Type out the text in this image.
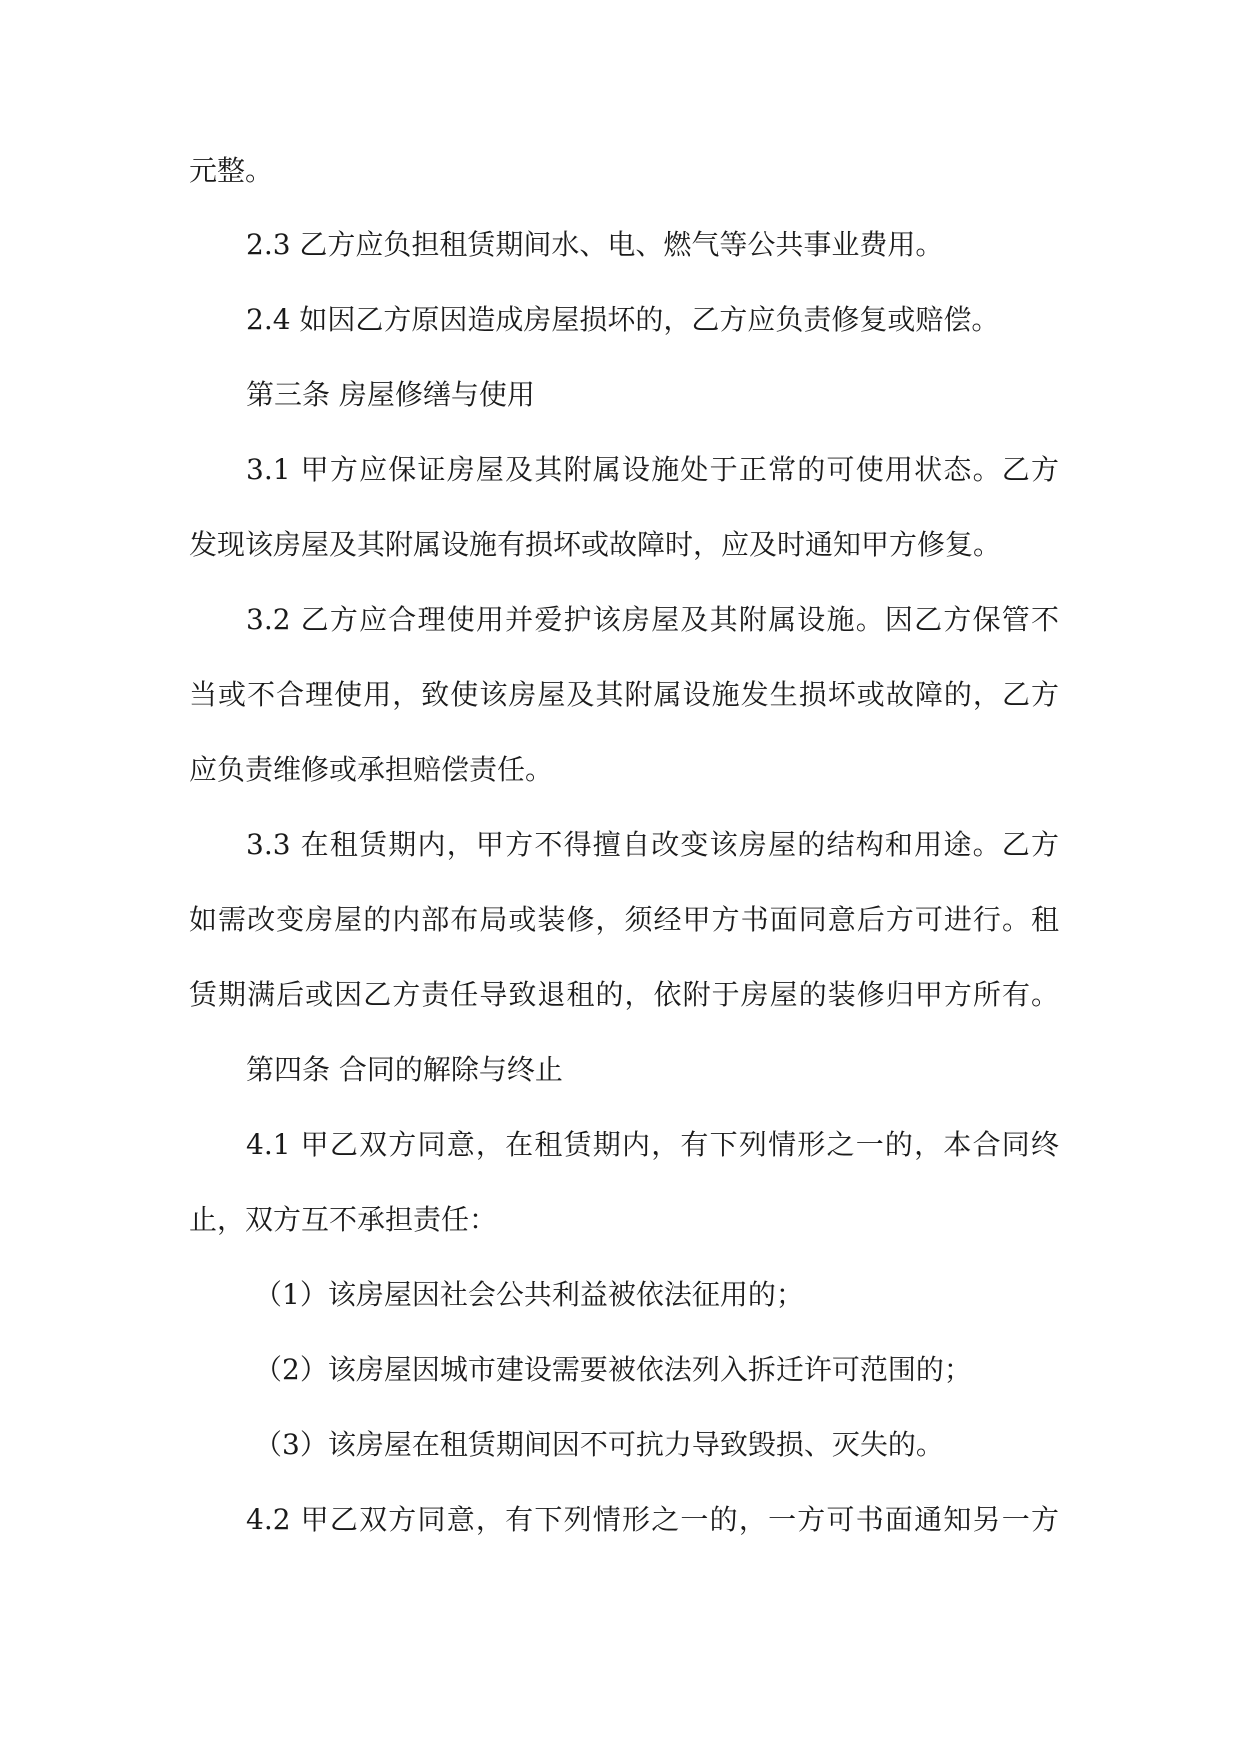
元整。
2.3 乙方应负担租赁期间水、电、燃气等公共事业费用。
2.4 如因乙方原因造成房屋损坏的，乙方应负责修复或赔偿。
第三条 房屋修缮与使用
3.1 甲方应保证房屋及其附属设施处于正常的可使用状态。乙方
发现该房屋及其附属设施有损坏或故障时，应及时通知甲方修复。
3.2 乙方应合理使用并爱护该房屋及其附属设施。因乙方保管不
当或不合理使用，致使该房屋及其附属设施发生损坏或故障的，乙方
应负责维修或承担赔偿责任。
3.3 在租赁期内，甲方不得擅自改变该房屋的结构和用途。乙方
如需改变房屋的内部布局或装修，须经甲方书面同意后方可进行。租
赁期满后或因乙方责任导致退租的，依附于房屋的装修归甲方所有。
第四条 合同的解除与终止
4.1 甲乙双方同意，在租赁期内，有下列情形之一的，本合同终
止，双方互不承担责任：
（1）该房屋因社会公共利益被依法征用的；
（2）该房屋因城市建设需要被依法列入拆迁许可范围的；
（3）该房屋在租赁期间因不可抗力导致毁损、灭失的。
4.2 甲乙双方同意，有下列情形之一的，一方可书面通知另一方
